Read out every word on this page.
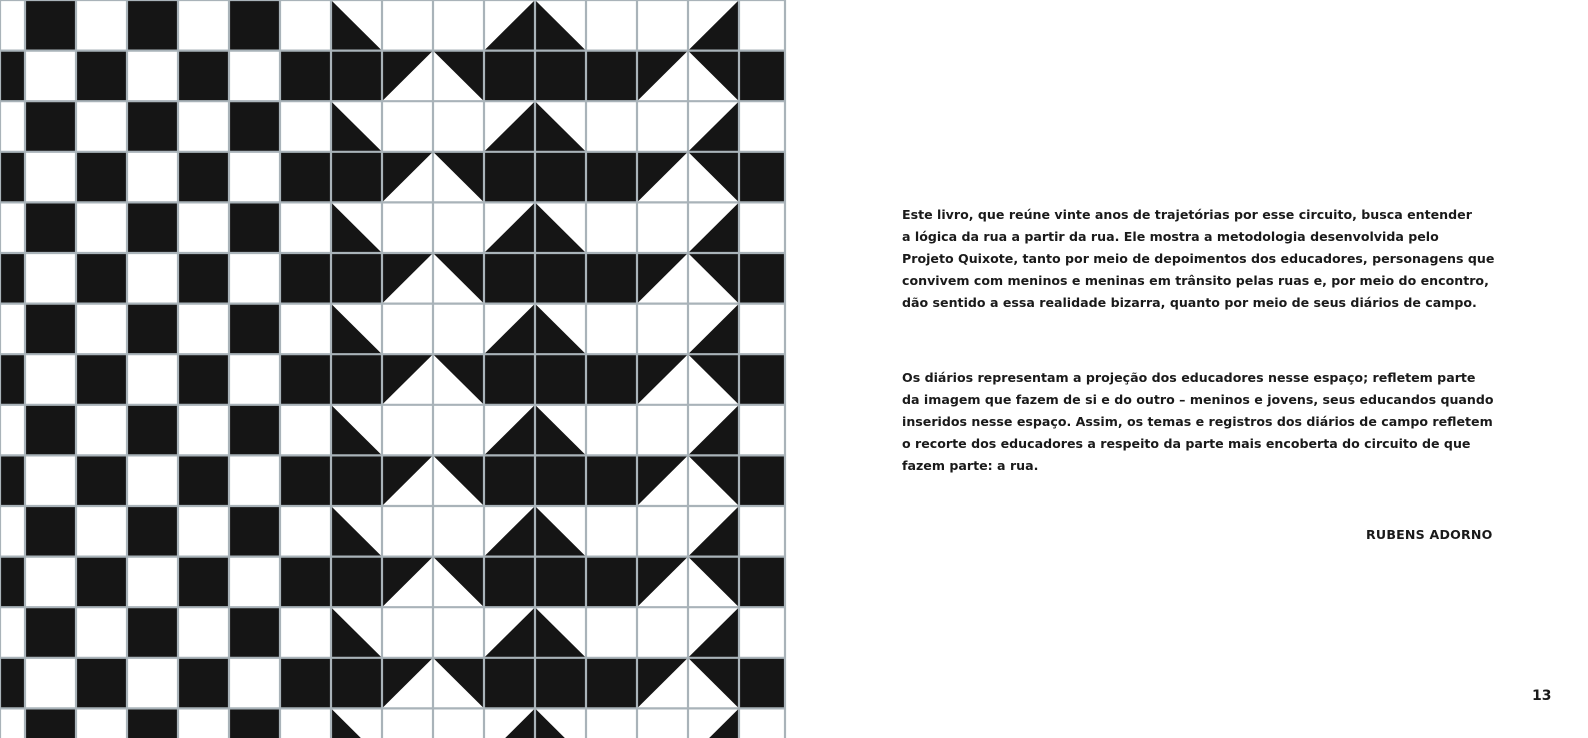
Este livro, que reúne vinte anos de trajetórias por esse circuito, busca entender
a lógica da rua a partir da rua. Ele mostra a metodologia desenvolvida pelo
Projeto Quixote, tanto por meio de depoimentos dos educadores, personagens que
convivem com meninos e meninas em trânsito pelas ruas e, por meio do encontro,
dão sentido a essa realidade bizarra, quanto por meio de seus diários de campo.
Os diários representam a projeção dos educadores nesse espaço; refletem parte
da imagem que fazem de si e do outro – meninos e jovens, seus educandos quando
inseridos nesse espaço. Assim, os temas e registros dos diários de campo refletem
o recorte dos educadores a respeito da parte mais encoberta do circuito de que
fazem parte: a rua.
RUBENS ADORNO
13
